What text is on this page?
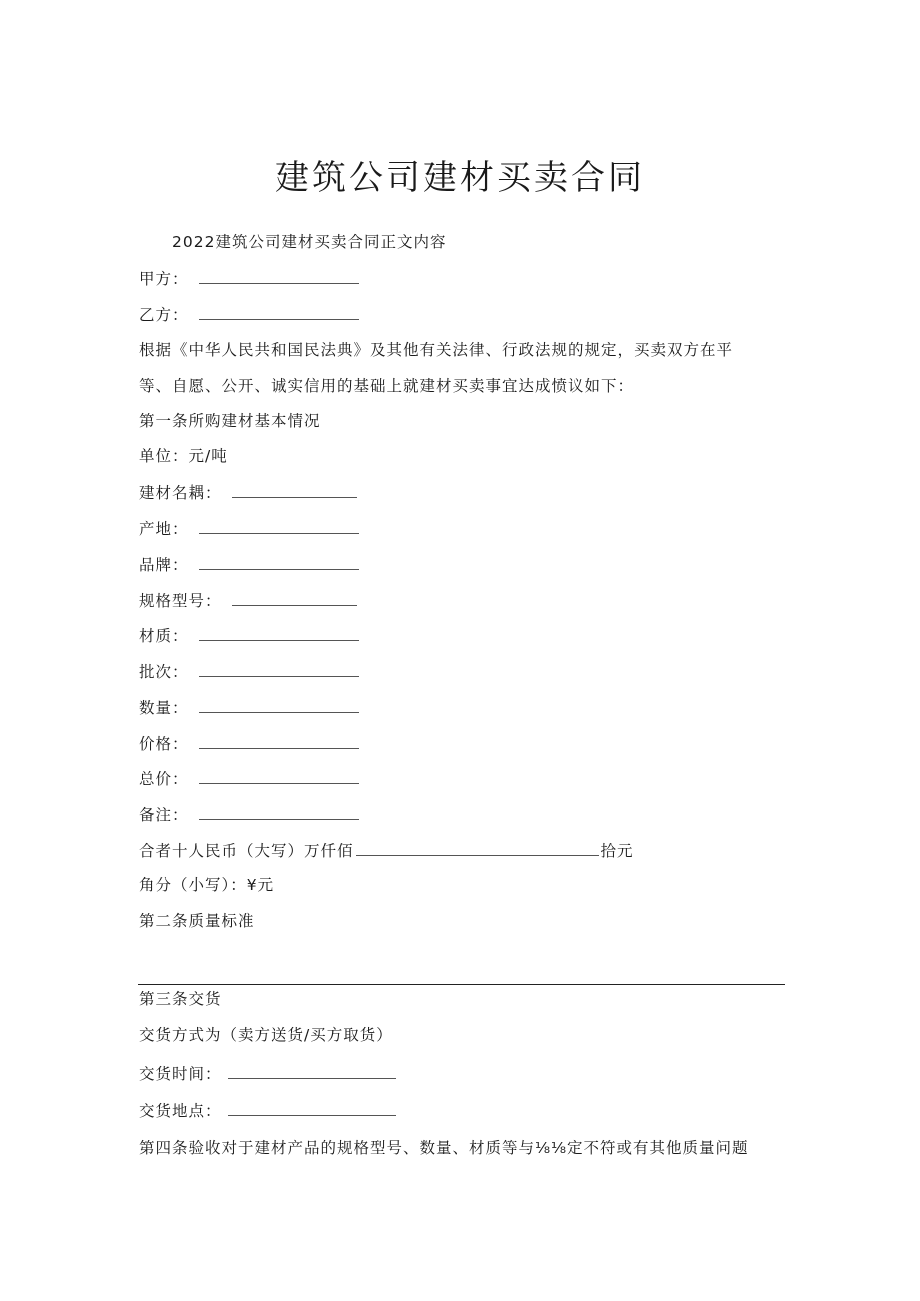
建筑公司建材买卖合同
2022建筑公司建材买卖合同正文内容
甲方：
乙方：
根据《中华人民共和国民法典》及其他有关法律、行政法规的规定，买卖双方在平
等、自愿、公开、诚实信用的基础上就建材买卖事宜达成愤议如下：
第一条所购建材基本情况
单位：元/吨
建材名耦：
产地：
品牌：
规格型号：
材质：
批次：
数量：
价格：
总价：
备注：
合者十人民币（大写）万仟佰	拾元
角分（小写）：¥元
第二条质量标准
第三条交货
交货方式为（卖方送货/买方取货）
交货时间：
交货地点：
第四条验收对于建材产品的规格型号、数量、材质等与⅛⅛定不符或有其他质量问题
